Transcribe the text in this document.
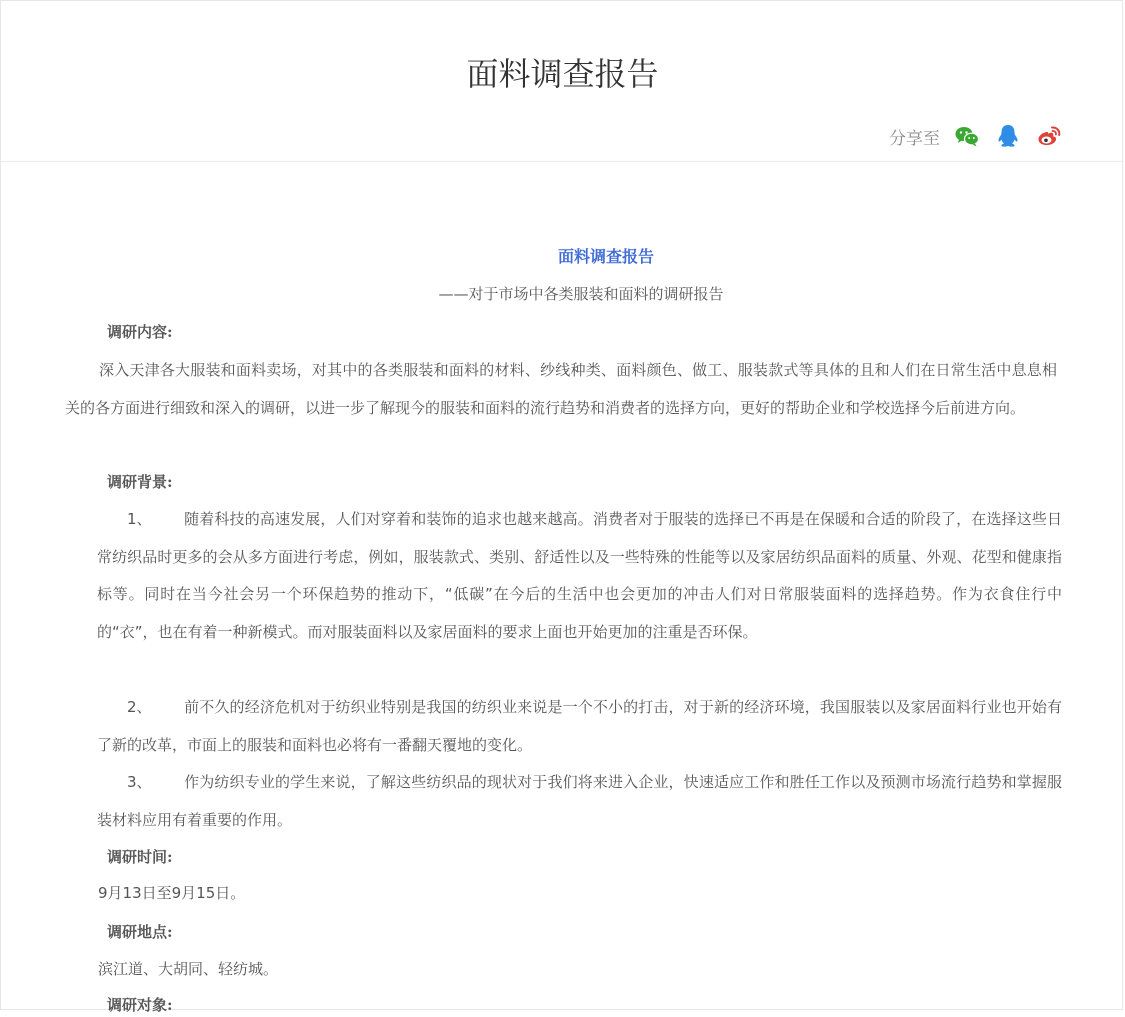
面料调查报告
分享至
面料调查报告
——对于市场中各类服装和面料的调研报告
调研内容:

深入天津各大服装和面料卖场，对其中的各类服装和面料的材料、纱线种类、面料颜色、做工、服装款式等具体的且和人们在日常生活中息息相关的各方面进行细致和深入的调研，以进一步了解现今的服装和面料的流行趋势和消费者的选择方向，更好的帮助企业和学校选择今后前进方向。

调研背景:
1、 随着科技的高速发展，人们对穿着和装饰的追求也越来越高。消费者对于服装的选择已不再是在保暖和合适的阶段了，在选择这些日常纺织品时更多的会从多方面进行考虑，例如，服装款式、类别、舒适性以及一些特殊的性能等以及家居纺织品面料的质量、外观、花型和健康指标等。同时在当今社会另一个环保趋势的推动下，“低碳”在今后的生活中也会更加的冲击人们对日常服装面料的选择趋势。作为衣食住行中的“衣”，也在有着一种新模式。而对服装面料以及家居面料的要求上面也开始更加的注重是否环保。
2、 前不久的经济危机对于纺织业特别是我国的纺织业来说是一个不小的打击，对于新的经济环境，我国服装以及家居面料行业也开始有了新的改革，市面上的服装和面料也必将有一番翻天覆地的变化。
3、 作为纺织专业的学生来说，了解这些纺织品的现状对于我们将来进入企业，快速适应工作和胜任工作以及预测市场流行趋势和掌握服装材料应用有着重要的作用。
调研时间:
9月13日至9月15日。
调研地点:
滨江道、大胡同、轻纺城。
调研对象:
